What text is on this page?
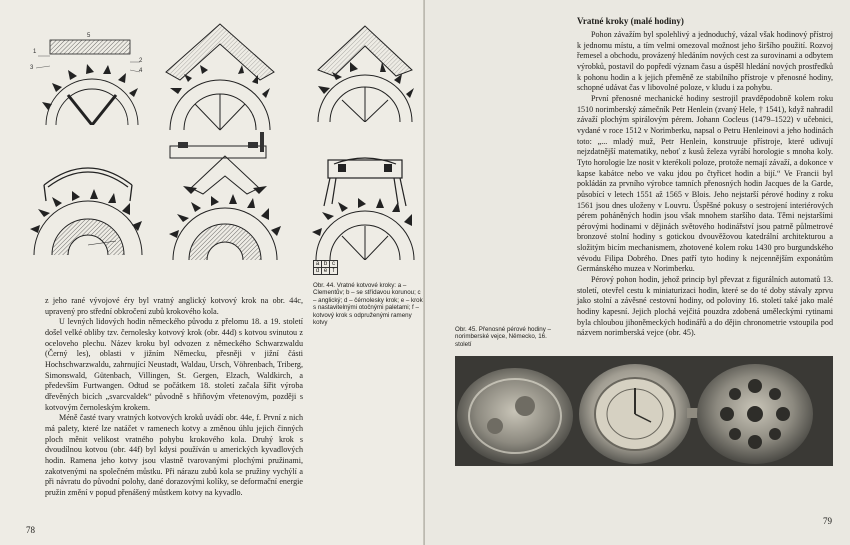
5
1
3
2
4
a	b	c
d	e	f
Obr. 44. Vratné kotvové kroky: a – Clementův; b – se střídavou korunou; c – anglický; d – čérnolesky krok; e – krok s nastavitelnými otočnými paletami; f – kotvový krok s odpruženými rameny kotvy

z jeho rané vývojové éry byl vratný anglický kotvový krok na obr. 44c, upravený pro střední obkročení zubů krokového kola.

U levných lidových hodin německého původu z přelomu 18. a 19. století došel velké obliby tzv. černolesky kotvový krok (obr. 44d) s kotvou svinutou z oceloveho plechu. Název kroku byl odvozen z německého Schwarzwaldu (Černý les), oblasti v jižním Německu, přesněji v jižní části Hochschwarzwaldu, zahrnující Neustadt, Waldau, Ursch, Vöhrenbach, Triberg, Simonswald, Gütenbach, Villingen, St. Gergen, Elzach, Waldkirch, a především Furtwangen. Odtud se počátkem 18. století začala šířit výroba dřevěných bicích „svarcvaldek“ původně s hřiňovým vřetenovým, později s kotvovým černoleským krokem.

Méně časté tvary vratných kotvových kroků uvádí obr. 44e, f. První z nich má palety, které lze natáčet v ramenech kotvy a změnou úhlu jejich činných ploch měnit velikost vratného pohybu krokového kola. Druhý krok s dvoudílnou kotvou (obr. 44f) byl kdysi používán u amerických kyvadlových hodin. Ramena jeho kotvy jsou vlastně tvarovanými plochými pružinami, zakotvenými na společném můstku. Při nárazu zubů kola se pružiny vychýlí a při návratu do původní polohy, dané dorazovými kolíky, se deformační energie pružin změní v popud přenášený můstkem kotvy na kyvadlo.

78
Vratné kroky (malé hodiny)

Pohon závažím byl spolehlivý a jednoduchý, vázal však hodinový přístroj k jednomu místu, a tím velmi omezoval možnost jeho širšího použití. Rozvoj řemesel a obchodu, provázený hledáním nových cest za surovinami a odbytem výrobků, postavil do popředí význam času a úspěšl hledání nových prostředků k pohonu hodin a k jejich přeměně ze stabilního přístroje v přenosné hodiny, schopné udávat čas v libovolné poloze, v kludu i za pohybu.

První přenosné mechanické hodiny sestrojil pravděpodobně kolem roku 1510 norimberský zámečník Petr Henlein (zvaný Hele, † 1541), když nahradil závaží plochým spirálovým pérem. Johann Cocleus (1479–1522) v učebnici, vydané v roce 1512 v Norimberku, napsal o Petru Henleinovi a jeho hodinách toto: „... mladý muž, Petr Henlein, konstruuje přístroje, které udivují nejzdatnější matematiky, neboť z kusů železa vyrábí horologie s mnoha koly. Tyto horologie lze nosit v kterékoli poloze, protože nemají závaží, a dokonce v kapse kabátce nebo ve vaku jdou po čtyřicet hodin a bijí.“ Ve Francii byl pokládán za prvního výrobce tamních přenosných hodin Jacques de la Garde, působící v letech 1551 až 1565 v Blois. Jeho nejstarší pérové hodiny z roku 1561 jsou dnes uloženy v Louvru. Úspěšné pokusy o sestrojení interiérových pérem poháněných hodin jsou však mnohem staršího data. Těmi nejstaršími pérovými hodinami v dějinách světového hodinářství jsou patrně půlmetrové bronzové stolní hodiny s gotickou dvouvěžovou katedrální architekturou a složitým bicím mechanismem, zhotovené kolem roku 1430 pro burgundského vévodu Filipa Dobrého. Dnes patří tyto hodiny k nejcennějším exponátům Germánského muzea v Norimberku.

Pérový pohon hodin, jehož princip byl převzat z figurálních automatů 13. století, otevřel cestu k miniaturizaci hodin, které se do té doby stávaly zprvu jako stolní a závěsné cestovní hodiny, od poloviny 16. století také jako malé hodiny kapesní. Jejich plochá vejčitá pouzdra zdobená uměleckými rytinami byla chloubou jihoněmeckých hodinářů a do dějin chronometrie vstoupila pod názvem norimberská vejce (obr. 45).

Obr. 45. Přenosné pérové hodiny – norimberské vejce, Německo, 16. století
79
